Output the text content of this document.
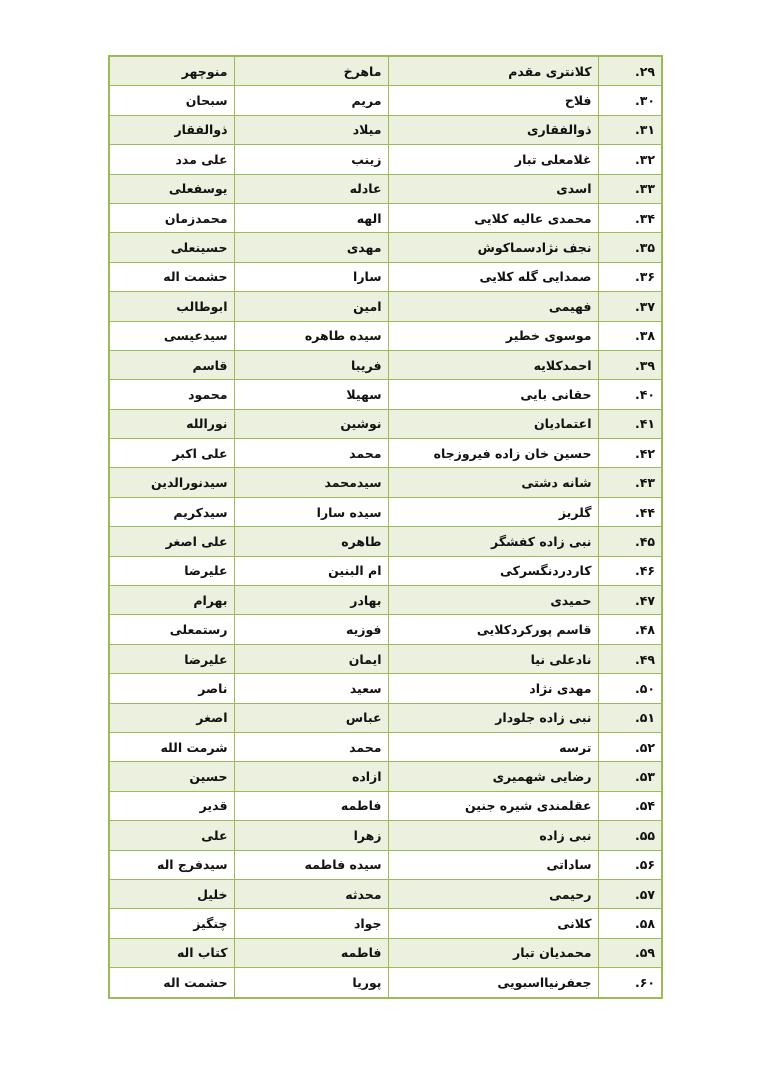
۲۹.	کلانتری مقدم	ماهرخ	منوچهر
۳۰.	فلاح	مریم	سبحان
۳۱.	ذوالفقاری	میلاد	ذوالفقار
۳۲.	غلامعلی تبار	زینب	علی مدد
۳۳.	اسدی	عادله	یوسفعلی
۳۴.	محمدی عالیه کلایی	الهه	محمدزمان
۳۵.	نجف نژادسماکوش	مهدی	حسینعلی
۳۶.	صمدایی گله کلایی	سارا	حشمت اله
۳۷.	فهیمی	امین	ابوطالب
۳۸.	موسوی خطیر	سیده طاهره	سیدعیسی
۳۹.	احمدکلایه	فریبا	قاسم
۴۰.	حقانی بایی	سهیلا	محمود
۴۱.	اعتمادیان	نوشین	نورالله
۴۲.	حسین خان زاده فیروزجاه	محمد	علی اکبر
۴۳.	شانه دشتی	سیدمحمد	سیدنورالدین
۴۴.	گلریز	سیده سارا	سیدکریم
۴۵.	نبی زاده کفشگر	طاهره	علی اصغر
۴۶.	کاردردنگسرکی	ام البنین	علیرضا
۴۷.	حمیدی	بهادر	بهرام
۴۸.	قاسم پورکردکلایی	فوزیه	رستمعلی
۴۹.	نادعلی نیا	ایمان	علیرضا
۵۰.	مهدی نژاد	سعید	ناصر
۵۱.	نبی زاده جلودار	عباس	اصغر
۵۲.	ترسه	محمد	شرمت الله
۵۳.	رضایی شهمیری	ازاده	حسین
۵۴.	عقلمندی شیره جنین	فاطمه	قدیر
۵۵.	نبی زاده	زهرا	علی
۵۶.	ساداتی	سیده فاطمه	سیدفرج اله
۵۷.	رحیمی	محدثه	خلیل
۵۸.	کلانی	جواد	چنگیز
۵۹.	محمدیان تبار	فاطمه	کتاب اله
۶۰.	جعفرنیااسبویی	پوریا	حشمت اله
